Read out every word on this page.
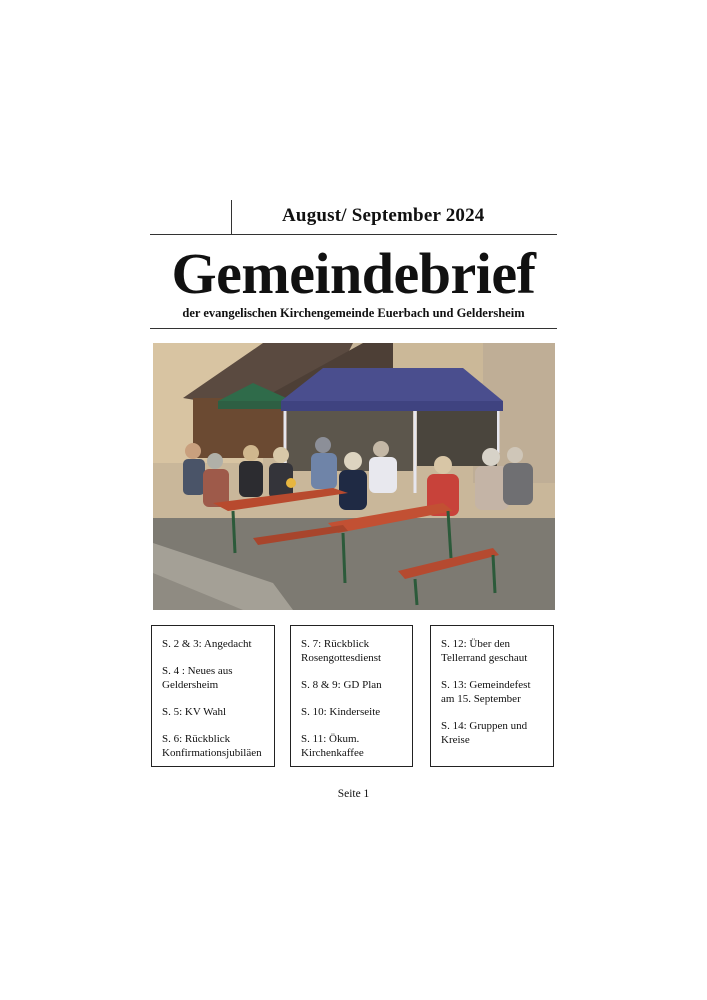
August/ September 2024
Gemeindebrief
der evangelischen Kirchengemeinde Euerbach und Geldersheim
S. 2 & 3: Angedacht
S. 4 : Neues aus Geldersheim
S. 5: KV Wahl
S. 6: Rückblick Konfirmationsjubiläen
S. 7: Rückblick Rosengottesdienst
S. 8 & 9: GD Plan
S. 10: Kinderseite
S. 11: Ökum. Kirchenkaffee
S. 12: Über den Tellerrand geschaut
S. 13: Gemeindefest am 15. September
S. 14: Gruppen und Kreise
Seite 1
